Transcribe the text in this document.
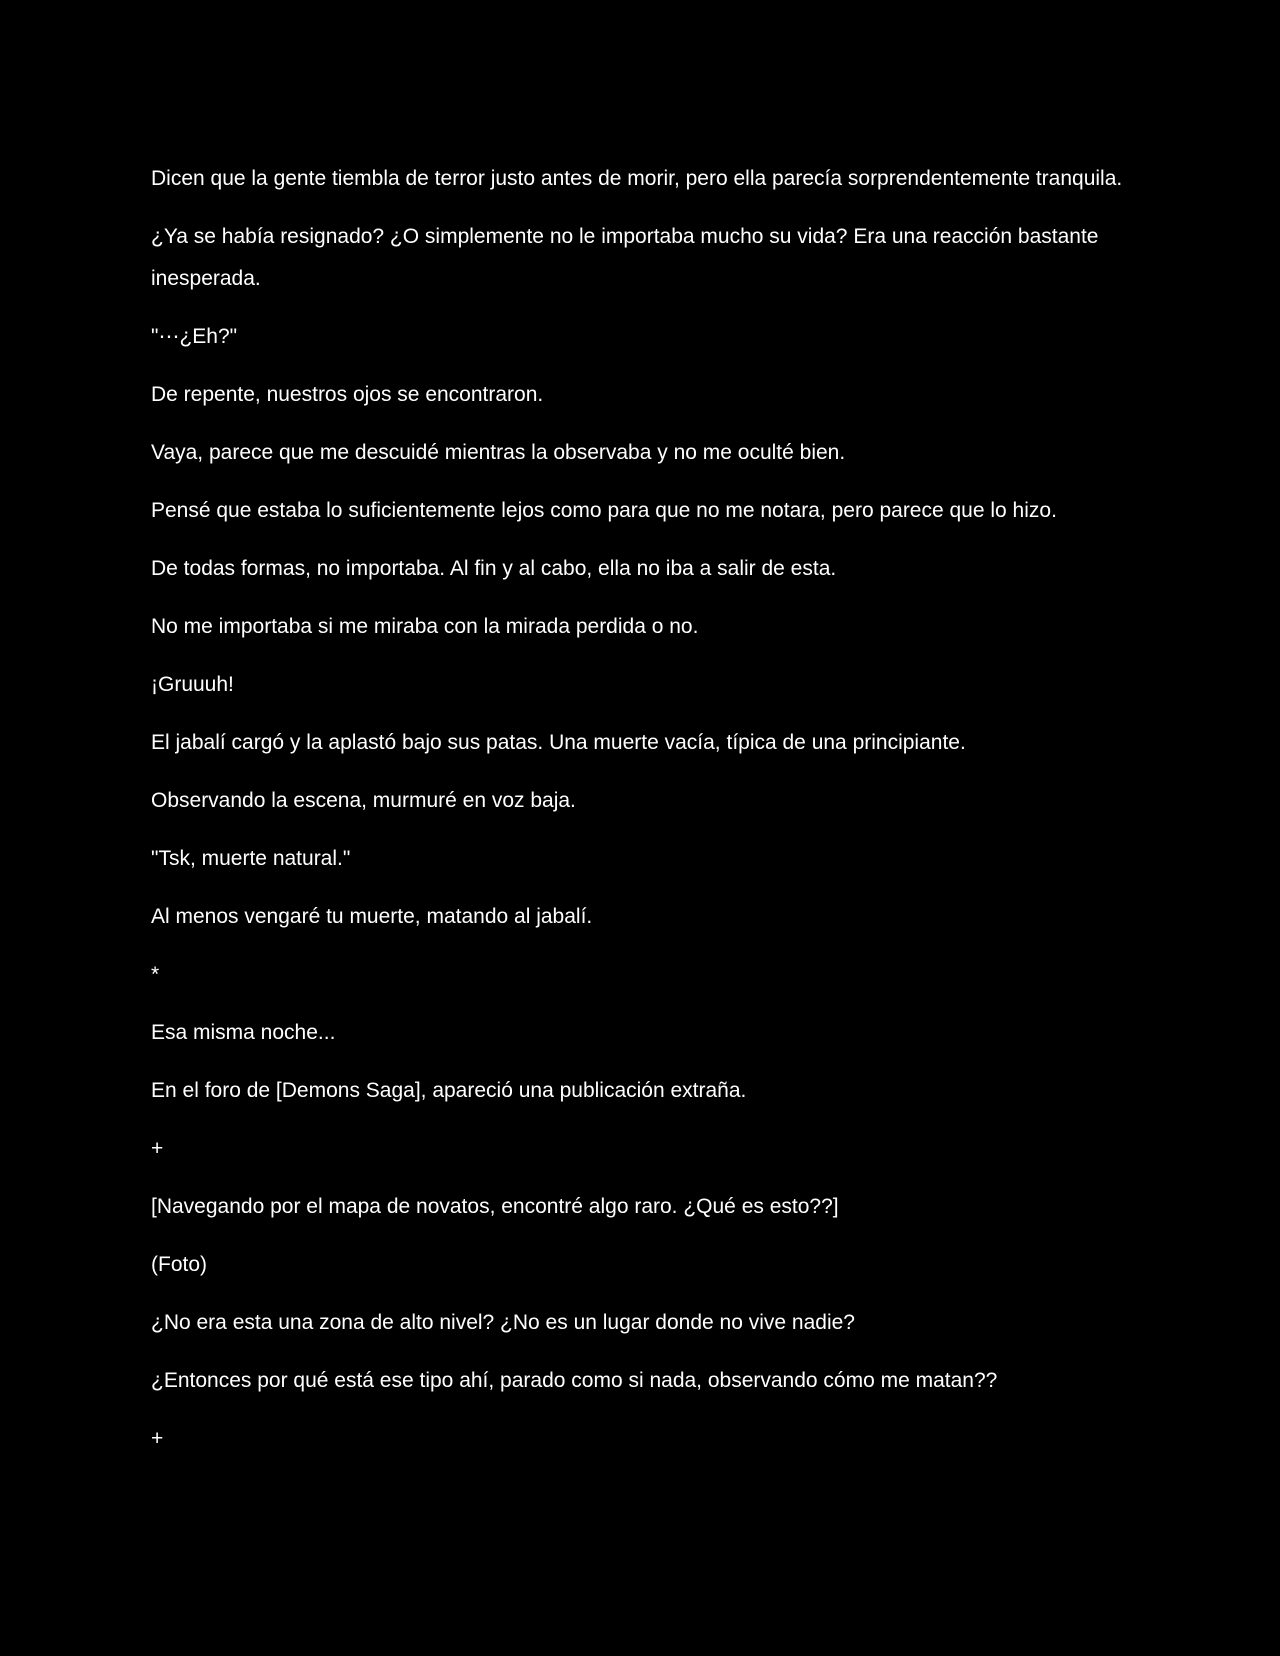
Dicen que la gente tiembla de terror justo antes de morir, pero ella parecía sorprendentemente tranquila.

¿Ya se había resignado? ¿O simplemente no le importaba mucho su vida? Era una reacción bastante inesperada.

"⋯¿Eh?"

De repente, nuestros ojos se encontraron.

Vaya, parece que me descuidé mientras la observaba y no me oculté bien.

Pensé que estaba lo suficientemente lejos como para que no me notara, pero parece que lo hizo.

De todas formas, no importaba. Al fin y al cabo, ella no iba a salir de esta.

No me importaba si me miraba con la mirada perdida o no.

¡Gruuuh!

El jabalí cargó y la aplastó bajo sus patas. Una muerte vacía, típica de una principiante.

Observando la escena, murmuré en voz baja.

"Tsk, muerte natural."

Al menos vengaré tu muerte, matando al jabalí.

*

Esa misma noche...

En el foro de [Demons Saga], apareció una publicación extraña.

+

[Navegando por el mapa de novatos, encontré algo raro. ¿Qué es esto??]

(Foto)

¿No era esta una zona de alto nivel? ¿No es un lugar donde no vive nadie?

¿Entonces por qué está ese tipo ahí, parado como si nada, observando cómo me matan??

+
